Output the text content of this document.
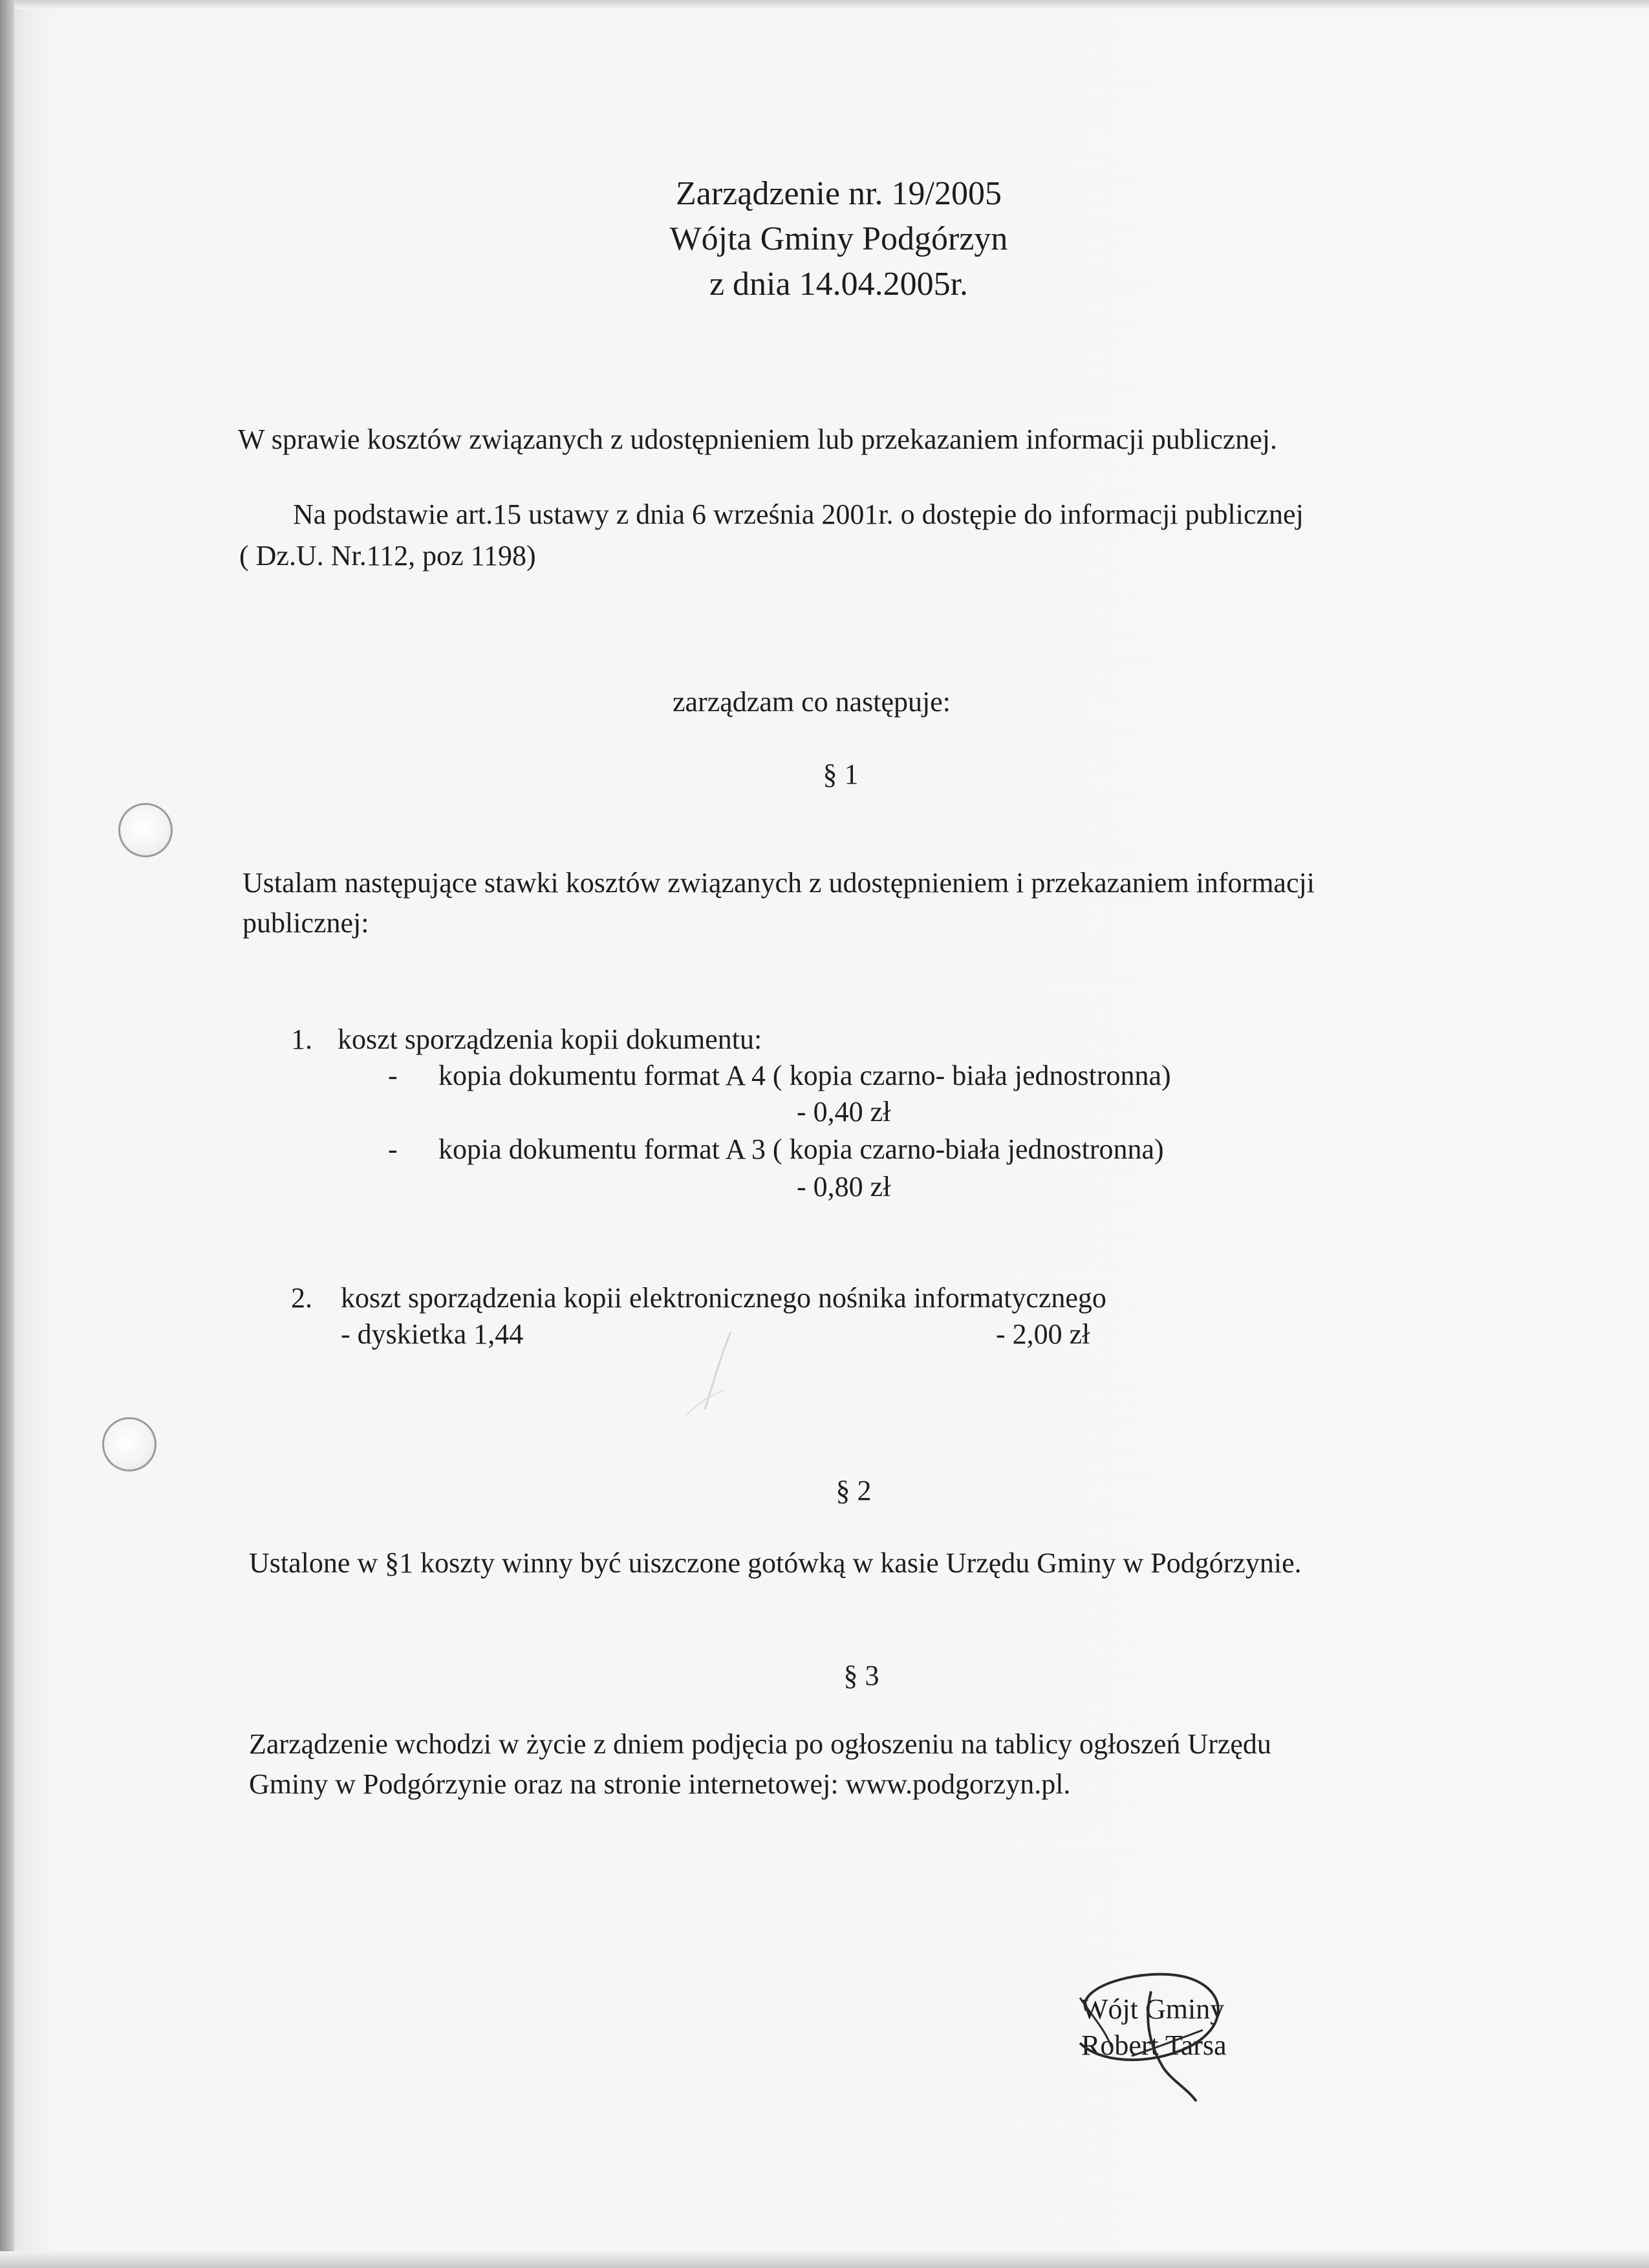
Zarządzenie nr. 19/2005
Wójta Gminy Podgórzyn
z dnia 14.04.2005r.
W sprawie kosztów związanych z udostępnieniem lub przekazaniem informacji publicznej.
Na podstawie art.15 ustawy z dnia 6 września 2001r. o dostępie do informacji publicznej
( Dz.U. Nr.112, poz 1198)
zarządzam co następuje:
§ 1
Ustalam następujące stawki kosztów związanych z udostępnieniem i przekazaniem informacji
publicznej:
1. koszt sporządzenia kopii dokumentu:
- kopia dokumentu format A 4 ( kopia czarno- biała jednostronna)
- 0,40 zł
- kopia dokumentu format A 3 ( kopia czarno-biała jednostronna)
- 0,80 zł
2. koszt sporządzenia kopii elektronicznego nośnika informatycznego
- dyskietka 1,44	- 2,00 zł
§ 2
Ustalone w §1 koszty winny być uiszczone gotówką w kasie Urzędu Gminy w Podgórzynie.
§ 3
Zarządzenie wchodzi w życie z dniem podjęcia po ogłoszeniu na tablicy ogłoszeń Urzędu
Gminy w Podgórzynie oraz na stronie internetowej: www.podgorzyn.pl.
Wójt Gminy
Robert Tarsa
